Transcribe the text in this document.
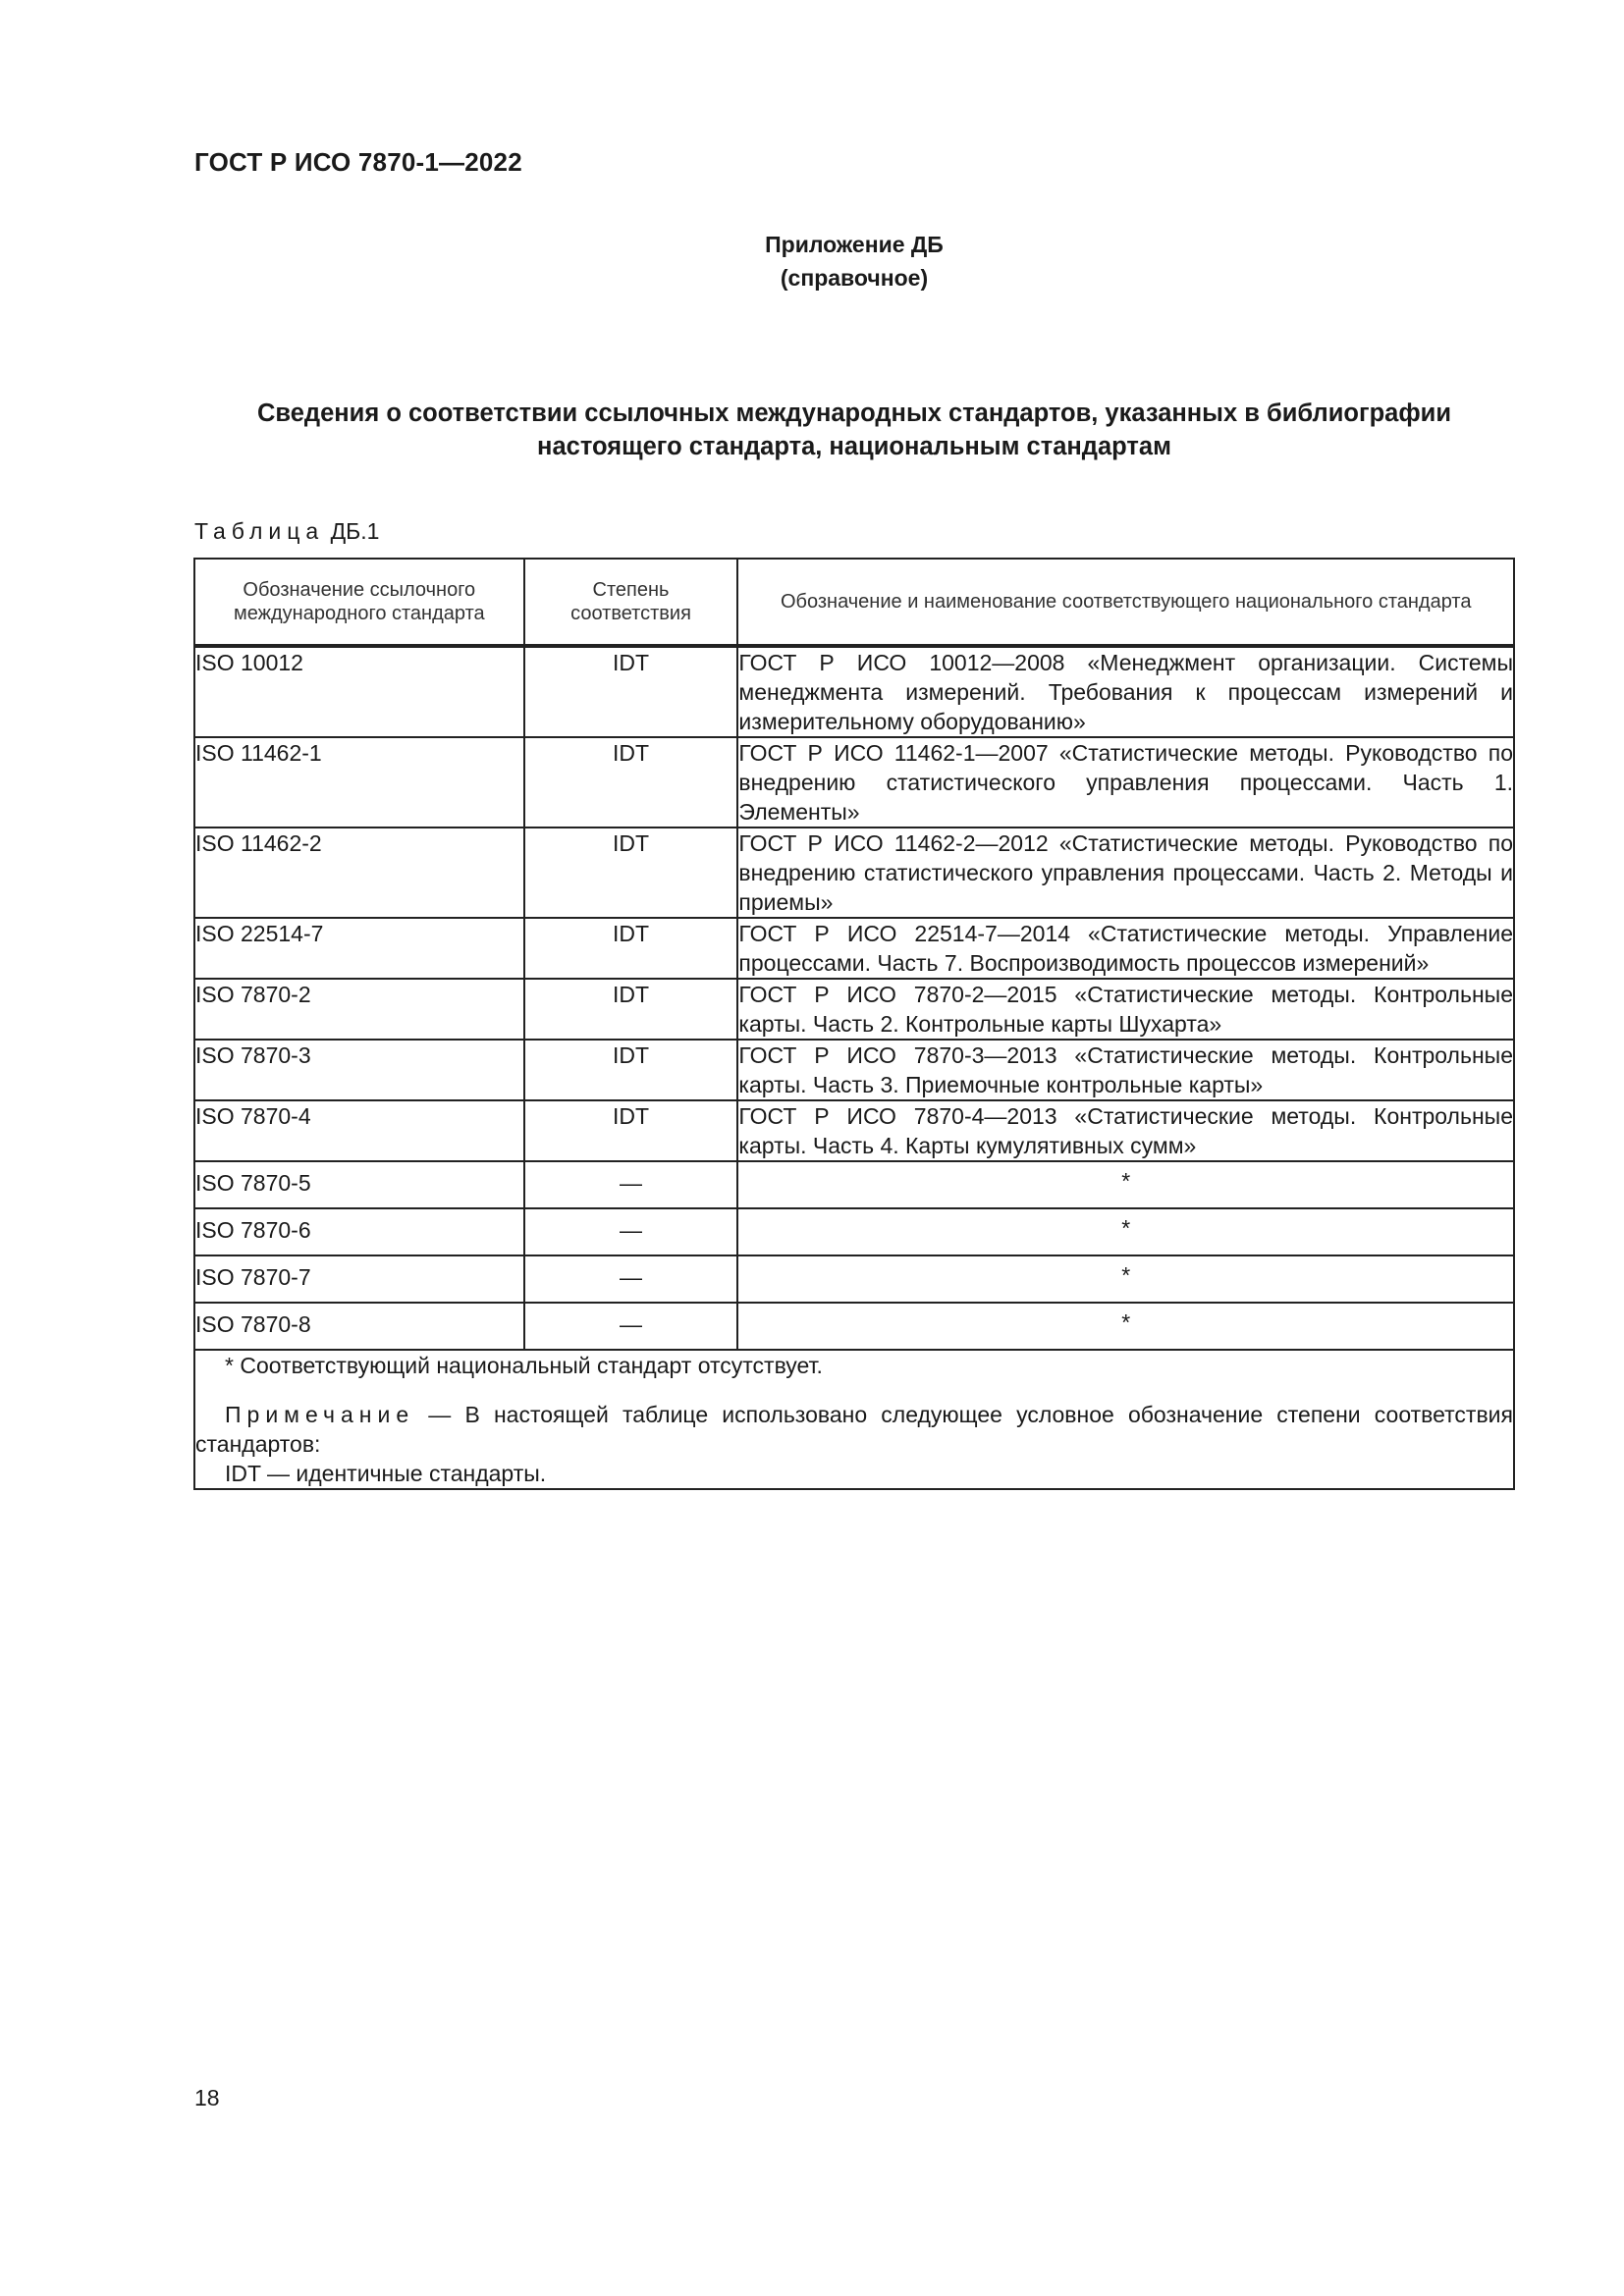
ГОСТ Р ИСО 7870-1—2022
Приложение ДБ
(справочное)
Сведения о соответствии ссылочных международных стандартов, указанных в библиографии
настоящего стандарта, национальным стандартам
Таблица ДБ.1
Обозначение ссылочного международного стандарта	Степень соответствия	Обозначение и наименование соответствующего национального стандарта
ISO 10012	IDT	ГОСТ Р ИСО 10012—2008 «Менеджмент организации. Системы менеджмента измерений. Требования к процессам измерений и измерительному оборудованию»
ISO 11462-1	IDT	ГОСТ Р ИСО 11462-1—2007 «Статистические методы. Руководство по внедрению статистического управления процессами. Часть 1. Элементы»
ISO 11462-2	IDT	ГОСТ Р ИСО 11462-2—2012 «Статистические методы. Руководство по внедрению статистического управления процессами. Часть 2. Методы и приемы»
ISO 22514-7	IDT	ГОСТ Р ИСО 22514-7—2014 «Статистические методы. Управление процессами. Часть 7. Воспроизводимость процессов измерений»
ISO 7870-2	IDT	ГОСТ Р ИСО 7870-2—2015 «Статистические методы. Контрольные карты. Часть 2. Контрольные карты Шухарта»
ISO 7870-3	IDT	ГОСТ Р ИСО 7870-3—2013 «Статистические методы. Контрольные карты. Часть 3. Приемочные контрольные карты»
ISO 7870-4	IDT	ГОСТ Р ИСО 7870-4—2013 «Статистические методы. Контрольные карты. Часть 4. Карты кумулятивных сумм»
ISO 7870-5	—	*
ISO 7870-6	—	*
ISO 7870-7	—	*
ISO 7870-8	—	*

* Соответствующий национальный стандарт отсутствует.
Примечание — В настоящей таблице использовано следующее условное обозначение степени соответствия стандартов:
IDT — идентичные стандарты.		
18
